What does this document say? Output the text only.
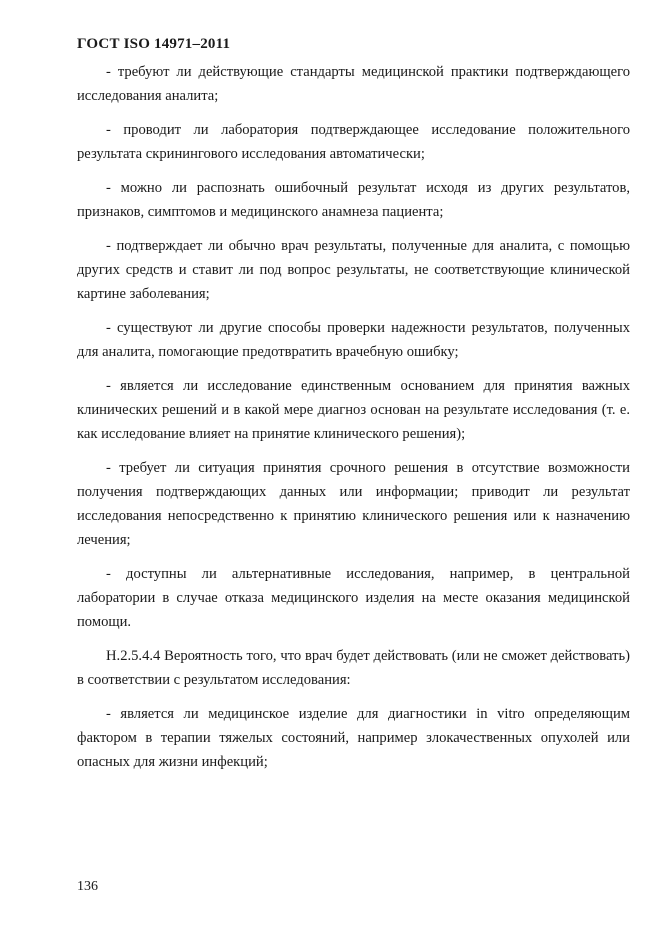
ГОСТ ISO 14971–2011

- требуют ли действующие стандарты медицинской практики подтверждающего исследования аналита;

- проводит ли лаборатория подтверждающее исследование положительного результата скринингового исследования автоматически;

- можно ли распознать ошибочный результат исходя из других результатов, признаков, симптомов и медицинского анамнеза пациента;

- подтверждает ли обычно врач результаты, полученные для аналита, с помощью других средств и ставит ли под вопрос результаты, не соответствующие клинической картине заболевания;

- существуют ли другие способы проверки надежности результатов, полученных для аналита, помогающие предотвратить врачебную ошибку;

- является ли исследование единственным основанием для принятия важных клинических решений и в какой мере диагноз основан на результате исследования (т. е. как исследование влияет на принятие клинического решения);

- требует ли ситуация принятия срочного решения в отсутствие возможности получения подтверждающих данных или информации; приводит ли результат исследования непосредственно к принятию клинического решения или к назначению лечения;

- доступны ли альтернативные исследования, например, в центральной лаборатории в случае отказа медицинского изделия на месте оказания медицинской помощи.

H.2.5.4.4 Вероятность того, что врач будет действовать (или не сможет действовать) в соответствии с результатом исследования:

- является ли медицинское изделие для диагностики in vitro определяющим фактором в терапии тяжелых состояний, например злокачественных опухолей или опасных для жизни инфекций;

136
